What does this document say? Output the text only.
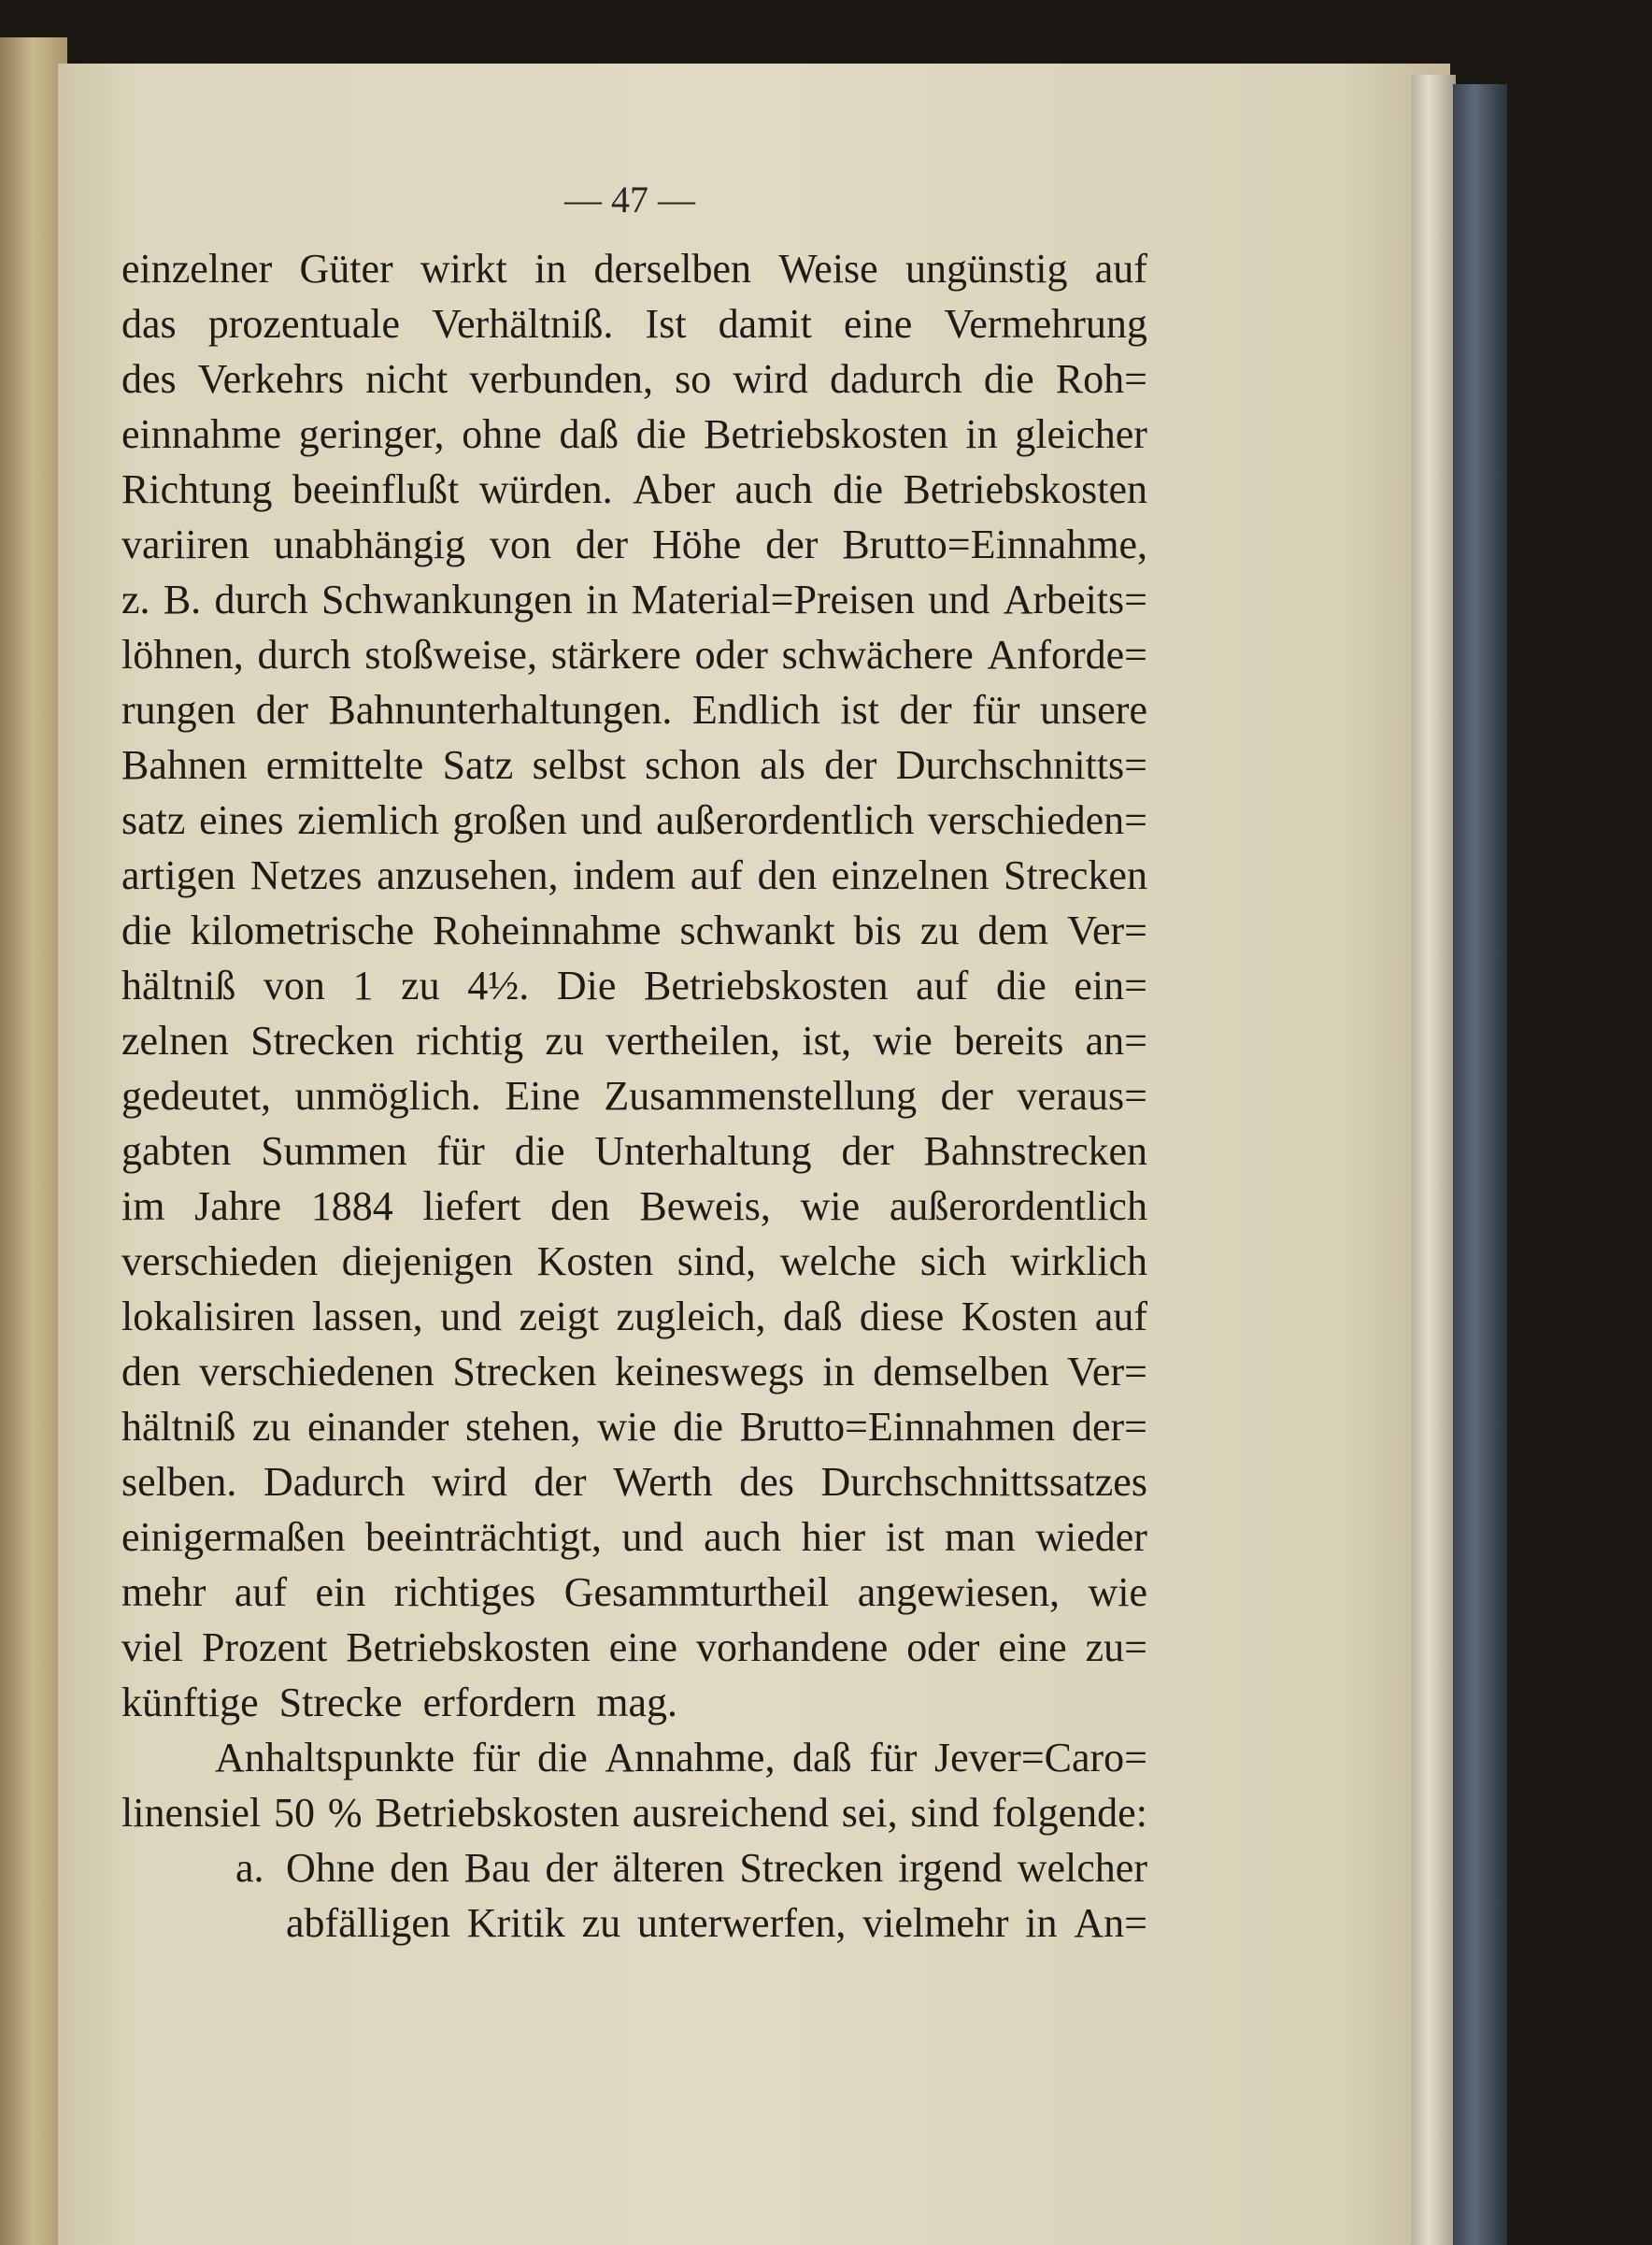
— 47 —
einzelner Güter wirkt in derselben Weise ungünstig auf
das prozentuale Verhältniß. Ist damit eine Vermehrung
des Verkehrs nicht verbunden, so wird dadurch die Roh=
einnahme geringer, ohne daß die Betriebskosten in gleicher
Richtung beeinflußt würden. Aber auch die Betriebskosten
variiren unabhängig von der Höhe der Brutto=Einnahme,
z. B. durch Schwankungen in Material=Preisen und Arbeits=
löhnen, durch stoßweise, stärkere oder schwächere Anforde=
rungen der Bahnunterhaltungen. Endlich ist der für unsere
Bahnen ermittelte Satz selbst schon als der Durchschnitts=
satz eines ziemlich großen und außerordentlich verschieden=
artigen Netzes anzusehen, indem auf den einzelnen Strecken
die kilometrische Roheinnahme schwankt bis zu dem Ver=
hältniß von 1 zu 4½. Die Betriebskosten auf die ein=
zelnen Strecken richtig zu vertheilen, ist, wie bereits an=
gedeutet, unmöglich. Eine Zusammenstellung der veraus=
gabten Summen für die Unterhaltung der Bahnstrecken
im Jahre 1884 liefert den Beweis, wie außerordentlich
verschieden diejenigen Kosten sind, welche sich wirklich
lokalisiren lassen, und zeigt zugleich, daß diese Kosten auf
den verschiedenen Strecken keineswegs in demselben Ver=
hältniß zu einander stehen, wie die Brutto=Einnahmen der=
selben. Dadurch wird der Werth des Durchschnittssatzes
einigermaßen beeinträchtigt, und auch hier ist man wieder
mehr auf ein richtiges Gesammturtheil angewiesen, wie
viel Prozent Betriebskosten eine vorhandene oder eine zu=
künftige Strecke erfordern mag.
Anhaltspunkte für die Annahme, daß für Jever=Caro=
linensiel 50 % Betriebskosten ausreichend sei, sind folgende:
a. Ohne den Bau der älteren Strecken irgend welcher
abfälligen Kritik zu unterwerfen, vielmehr in An=
